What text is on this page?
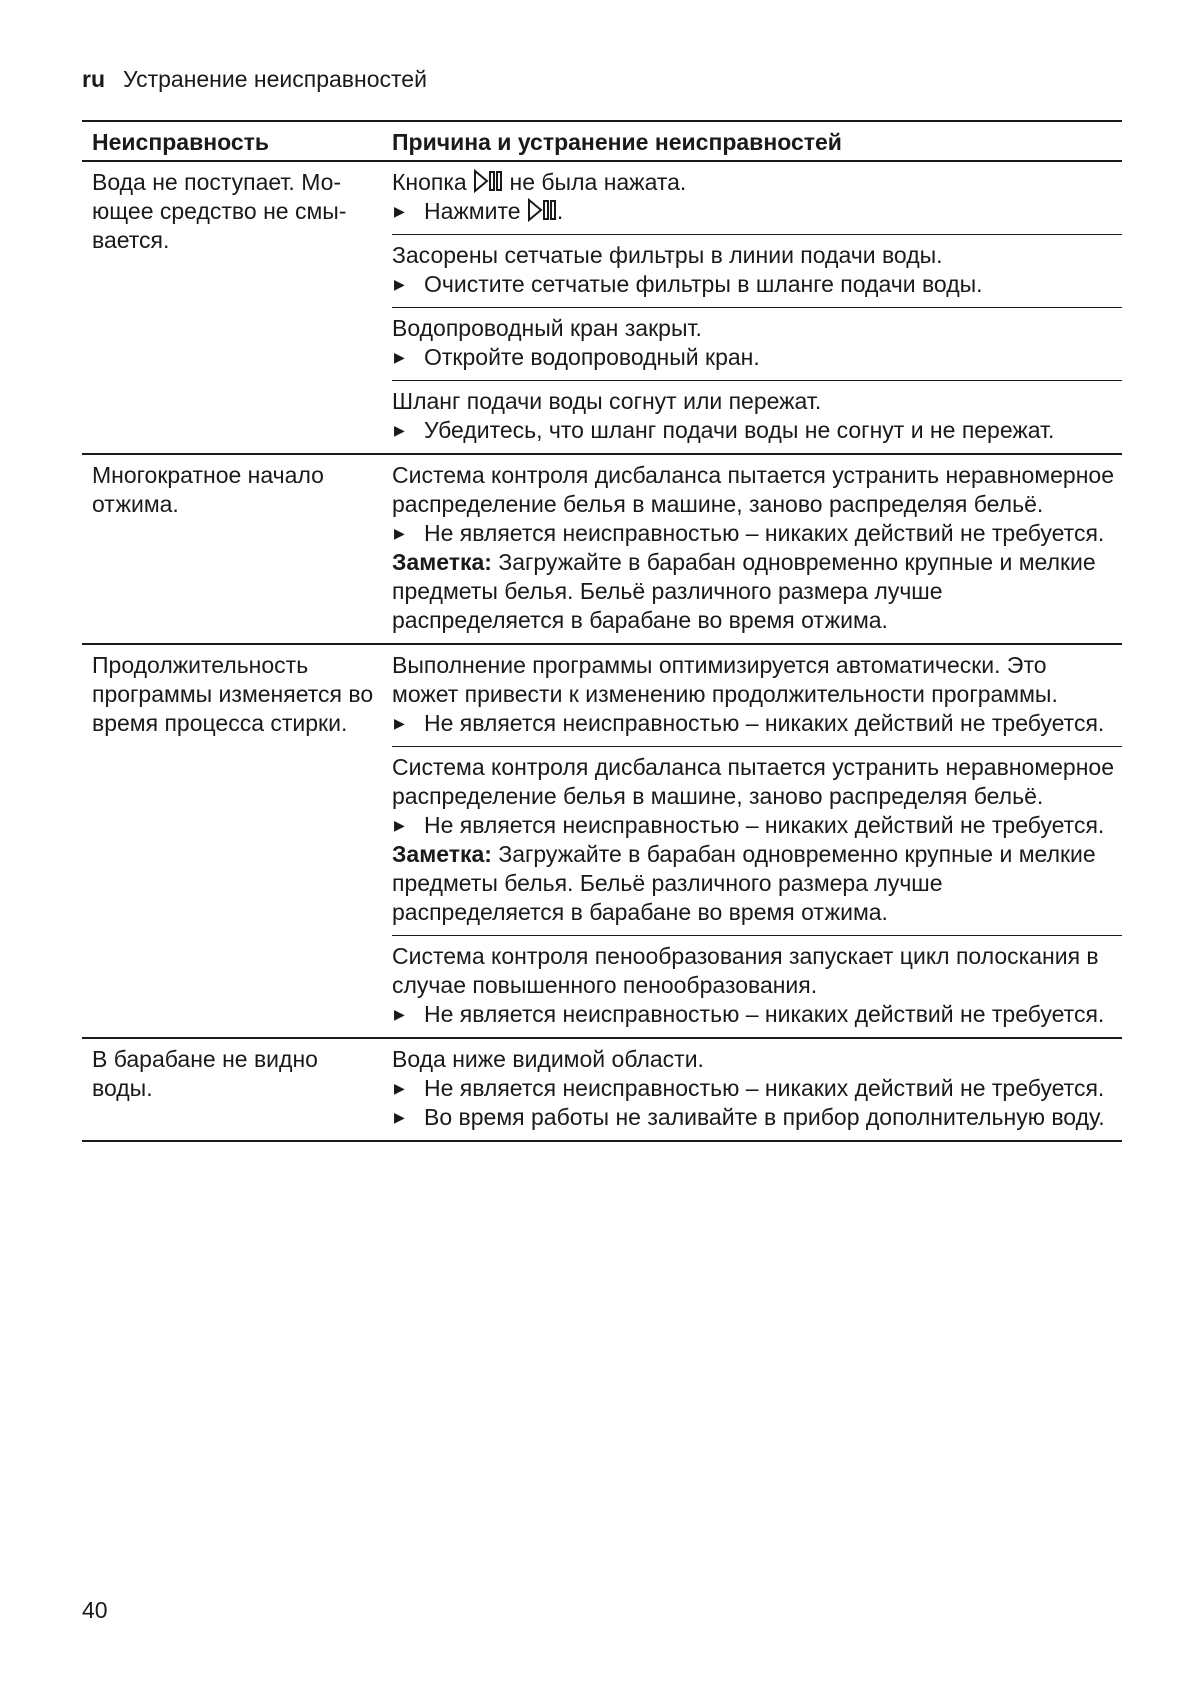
ru Устранение неисправностей
Неисправность	Причина и устранение неисправностей
Вода не поступает. Моющее средство не смывается.

Кнопка не была нажата.

▶ Нажмите .

Засорены сетчатые фильтры в линии подачи воды.

▶ Очистите сетчатые фильтры в шланге подачи воды.

Водопроводный кран закрыт.

▶ Откройте водопроводный кран.

Шланг подачи воды согнут или пережат.

▶ Убедитесь, что шланг подачи воды не согнут и не пережат.
Многократное начало отжима.

Система контроля дисбаланса пытается устранить неравномерное распределение белья в машине, заново распределяя бельё.

▶ Не является неисправностью – никаких действий не требуется.

Заметка: Загружайте в барабан одновременно крупные и мелкие предметы белья. Бельё различного размера лучше распределяется в барабане во время отжима.

Продолжительность программы изменяется во время процесса стирки.

Выполнение программы оптимизируется автоматически. Это может привести к изменению продолжительности программы.

▶ Не является неисправностью – никаких действий не требуется.

Система контроля дисбаланса пытается устранить неравномерное распределение белья в машине, заново распределяя бельё.

▶ Не является неисправностью – никаких действий не требуется.

Заметка: Загружайте в барабан одновременно крупные и мелкие предметы белья. Бельё различного размера лучше распределяется в барабане во время отжима.

Система контроля пенообразования запускает цикл полоскания в случае повышенного пенообразования.

▶ Не является неисправностью – никаких действий не требуется.
В барабане не видно воды.

Вода ниже видимой области.

▶ Не является неисправностью – никаких действий не требуется.
▶ Во время работы не заливайте в прибор дополнительную воду.
40
